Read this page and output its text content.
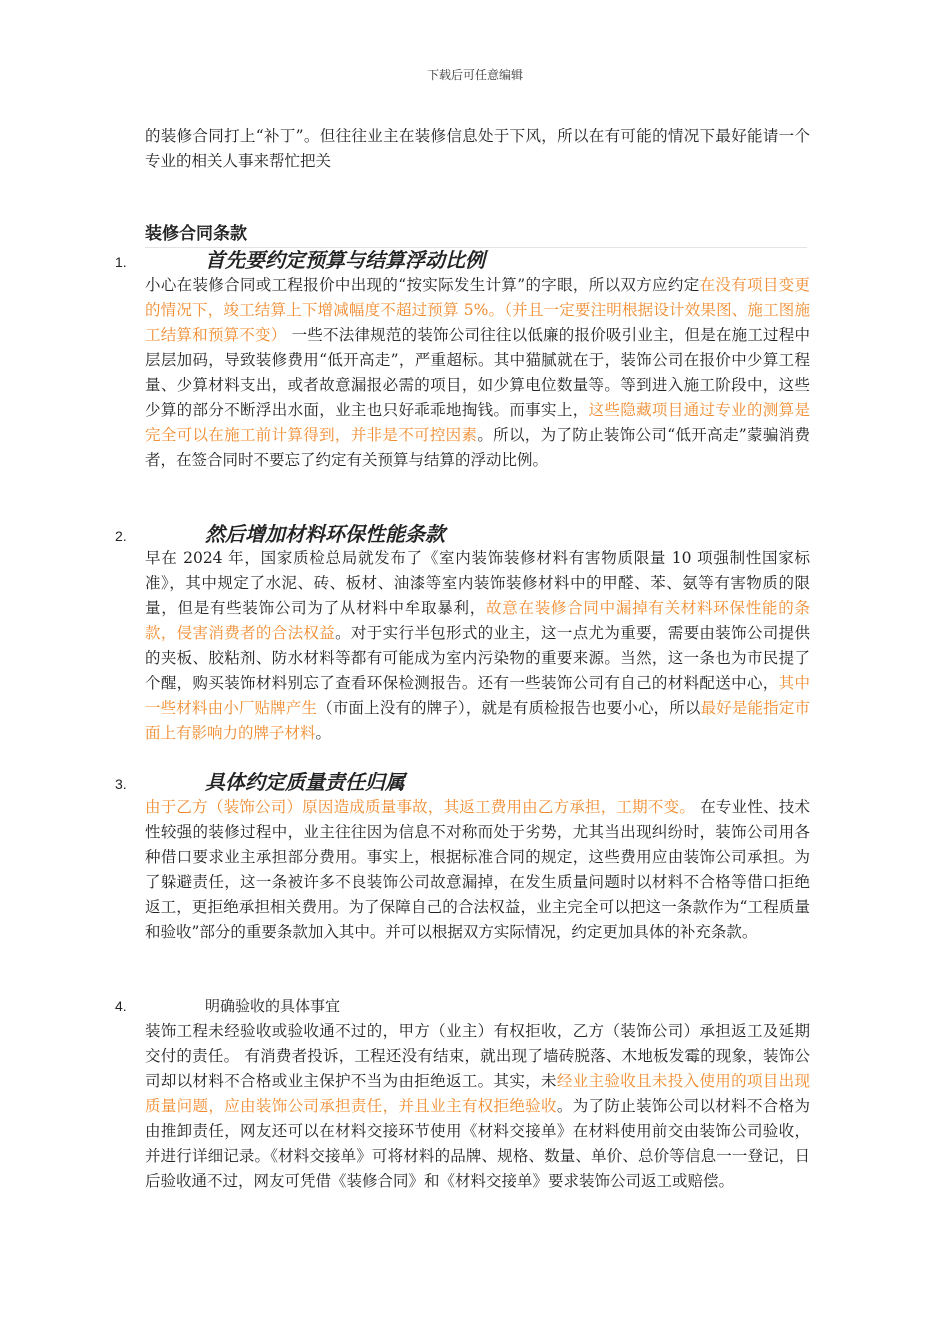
下载后可任意编辑
的装修合同打上“补丁”。但往往业主在装修信息处于下风，所以在有可能的情况下最好能请一个专业的相关人事来帮忙把关
装修合同条款
1.	首先要约定预算与结算浮动比例
小心在装修合同或工程报价中出现的“按实际发生计算”的字眼，所以双方应约定在没有项目变更的情况下，竣工结算上下增减幅度不超过预算 5%。（并且一定要注明根据设计效果图、施工图施工结算和预算不变） 一些不法律规范的装饰公司往往以低廉的报价吸引业主，但是在施工过程中层层加码，导致装修费用“低开高走”，严重超标。其中猫腻就在于，装饰公司在报价中少算工程量、少算材料支出，或者故意漏报必需的项目，如少算电位数量等。等到进入施工阶段中，这些少算的部分不断浮出水面，业主也只好乖乖地掏钱。而事实上，这些隐藏项目通过专业的测算是完全可以在施工前计算得到，并非是不可控因素。所以，为了防止装饰公司“低开高走”蒙骗消费者，在签合同时不要忘了约定有关预算与结算的浮动比例。
2.	然后增加材料环保性能条款
早在 2024 年，国家质检总局就发布了《室内装饰装修材料有害物质限量 10 项强制性国家标准》，其中规定了水泥、砖、板材、油漆等室内装饰装修材料中的甲醛、苯、氨等有害物质的限量，但是有些装饰公司为了从材料中牟取暴利，故意在装修合同中漏掉有关材料环保性能的条款，侵害消费者的合法权益。对于实行半包形式的业主，这一点尤为重要，需要由装饰公司提供的夹板、胶粘剂、防水材料等都有可能成为室内污染物的重要来源。当然，这一条也为市民提了个醒，购买装饰材料别忘了查看环保检测报告。还有一些装饰公司有自己的材料配送中心，其中一些材料由小厂贴牌产生（市面上没有的牌子），就是有质检报告也要小心，所以最好是能指定市面上有影响力的牌子材料。
3.	具体约定质量责任归属
由于乙方（装饰公司）原因造成质量事故，其返工费用由乙方承担，工期不变。 在专业性、技术性较强的装修过程中，业主往往因为信息不对称而处于劣势，尤其当出现纠纷时，装饰公司用各种借口要求业主承担部分费用。事实上，根据标准合同的规定，这些费用应由装饰公司承担。为了躲避责任，这一条被许多不良装饰公司故意漏掉，在发生质量问题时以材料不合格等借口拒绝返工，更拒绝承担相关费用。为了保障自己的合法权益，业主完全可以把这一条款作为“工程质量和验收”部分的重要条款加入其中。并可以根据双方实际情况，约定更加具体的补充条款。
4.	明确验收的具体事宜
装饰工程未经验收或验收通不过的，甲方（业主）有权拒收，乙方（装饰公司）承担返工及延期交付的责任。 有消费者投诉，工程还没有结束，就出现了墙砖脱落、木地板发霉的现象，装饰公司却以材料不合格或业主保护不当为由拒绝返工。其实，未经业主验收且未投入使用的项目出现质量问题，应由装饰公司承担责任，并且业主有权拒绝验收。为了防止装饰公司以材料不合格为由推卸责任，网友还可以在材料交接环节使用《材料交接单》在材料使用前交由装饰公司验收，并进行详细记录。《材料交接单》可将材料的品牌、规格、数量、单价、总价等信息一一登记，日后验收通不过，网友可凭借《装修合同》和《材料交接单》要求装饰公司返工或赔偿。
